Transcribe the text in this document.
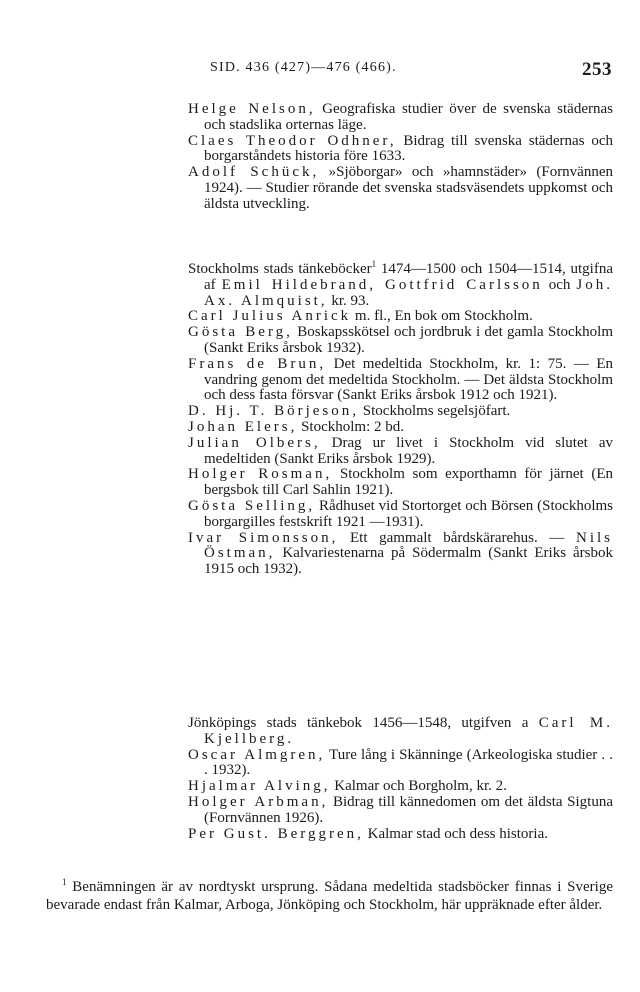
SID. 436 (427)—476 (466).	253

Helge Nelson, Geografiska studier över de svenska städernas och stadslika orternas läge.

Claes Theodor Odhner, Bidrag till svenska städernas och borgarståndets historia före 1633.

Adolf Schück, »Sjöborgar» och »hamnstäder» (Fornvännen 1924). — Studier rörande det svenska stadsväsendets uppkomst och äldsta utveckling.

Stockholms stads tänkeböcker$^1$ 1474—1500 och 1504—1514, utgifna af Emil Hildebrand, Gottfrid Carlsson och Joh. Ax. Almquist, kr. 93.

Carl Julius Anrick m. fl., En bok om Stockholm.

Gösta Berg, Boskapsskötsel och jordbruk i det gamla Stockholm (Sankt Eriks årsbok 1932).

Frans de Brun, Det medeltida Stockholm, kr. 1: 75. — En vandring genom det medeltida Stockholm. — Det äldsta Stockholm och dess fasta försvar (Sankt Eriks årsbok 1912 och 1921).

D. Hj. T. Börjeson, Stockholms segelsjöfart.

Johan Elers, Stockholm: 2 bd.

Julian Olbers, Drag ur livet i Stockholm vid slutet av medeltiden (Sankt Eriks årsbok 1929).

Holger Rosman, Stockholm som exporthamn för järnet (En bergsbok till Carl Sahlin 1921).

Gösta Selling, Rådhuset vid Stortorget och Börsen (Stockholms borgargilles festskrift 1921 —1931).

Ivar Simonsson, Ett gammalt bårdskärarehus. — Nils Östman, Kalvariestenarna på Södermalm (Sankt Eriks årsbok 1915 och 1932).

Jönköpings stads tänkebok 1456—1548, utgifven a Carl M. Kjellberg.

Oscar Almgren, Ture lång i Skänninge (Arkeologiska studier . . . 1932).

Hjalmar Alving, Kalmar och Borgholm, kr. 2.

Holger Arbman, Bidrag till kännedomen om det äldsta Sigtuna (Fornvännen 1926).

Per Gust. Berggren, Kalmar stad och dess historia.

$^1$ Benämningen är av nordtyskt ursprung. Sådana medeltida stadsböcker finnas i Sverige bevarade endast från Kalmar, Arboga, Jönköping och Stockholm, här uppräknade efter ålder.
